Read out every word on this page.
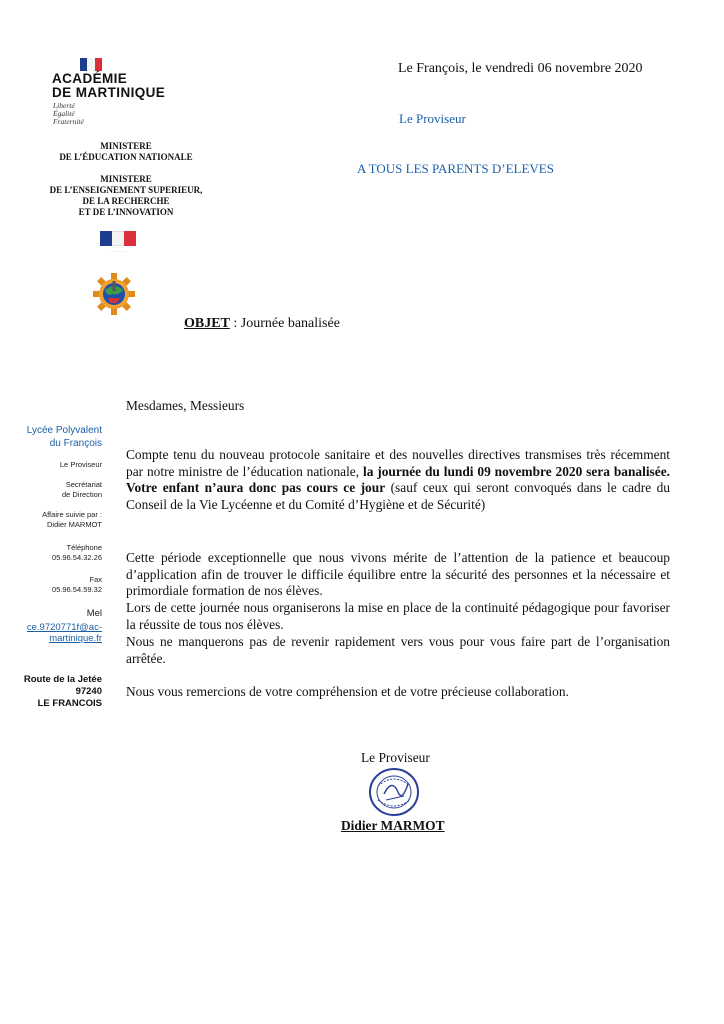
ACADÉMIE
DE MARTINIQUE
Liberté
Égalité
Fraternité
MINISTERE
DE L’ÉDUCATION NATIONALE
MINISTERE
DE L’ENSEIGNEMENT SUPERIEUR,
DE LA RECHERCHE
ET DE L’INNOVATION
· · · · · · ·
· · · · · · · ·
Le François, le vendredi 06 novembre 2020
Le Proviseur
A TOUS LES PARENTS D’ELEVES
OBJET : Journée banalisée
Lycée Polyvalent
du François
Le Proviseur
Secrétariat
de Direction
Affaire suivie par :
Didier MARMOT
Téléphone
05.96.54.32.26
Fax
05.96.54.59.32
Mel
ce.9720771f@ac-
martinique.fr
Route de la Jetée
97240
LE FRANCOIS
Mesdames, Messieurs
Compte tenu du nouveau protocole sanitaire et des nouvelles directives transmises très récemment par notre ministre de l’éducation nationale, la journée du lundi 09 novembre 2020 sera banalisée. Votre enfant n’aura donc pas cours ce jour (sauf ceux qui seront convoqués dans le cadre du Conseil de la Vie Lycéenne et du Comité d’Hygiène et de Sécurité)
Cette période exceptionnelle que nous vivons mérite de l’attention de la patience et beaucoup d’application afin de trouver le difficile équilibre entre la sécurité des personnes et la nécessaire et primordiale formation de nos élèves.
Lors de cette journée nous organiserons la mise en place de la continuité pédagogique pour favoriser la réussite de tous nos élèves.
Nous ne manquerons pas de revenir rapidement vers vous pour vous faire part de l’organisation arrêtée.
Nous vous remercions de votre compréhension et de votre précieuse collaboration.
Le Proviseur
Didier MARMOT
